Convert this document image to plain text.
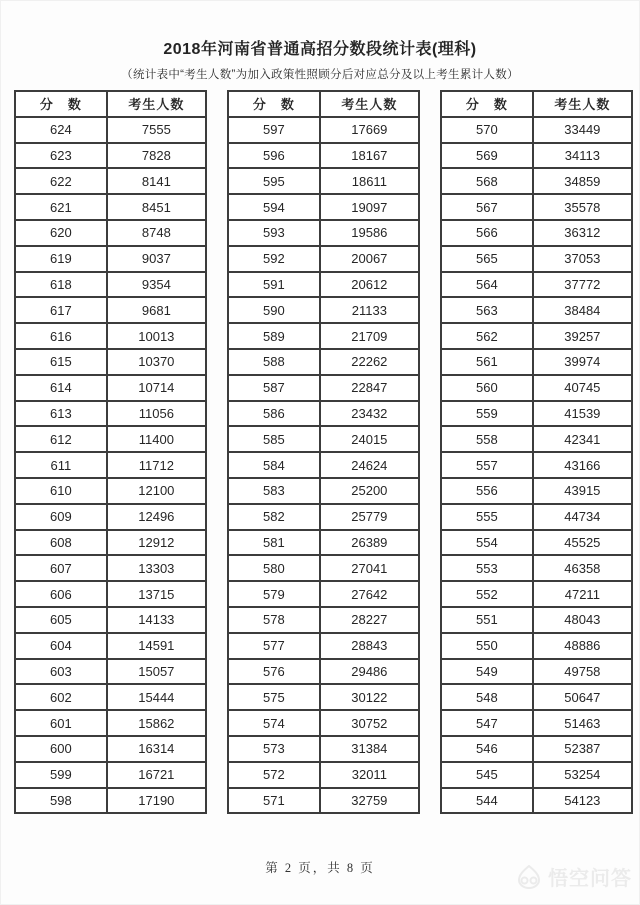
2018年河南省普通高招分数段统计表(理科)
（统计表中“考生人数”为加入政策性照顾分后对应总分及以上考生累计人数）
分　数	考生人数
624	7555
623	7828
622	8141
621	8451
620	8748
619	9037
618	9354
617	9681
616	10013
615	10370
614	10714
613	11056
612	11400
611	11712
610	12100
609	12496
608	12912
607	13303
606	13715
605	14133
604	14591
603	15057
602	15444
601	15862
600	16314
599	16721
598	17190
分　数	考生人数
597	17669
596	18167
595	18611
594	19097
593	19586
592	20067
591	20612
590	21133
589	21709
588	22262
587	22847
586	23432
585	24015
584	24624
583	25200
582	25779
581	26389
580	27041
579	27642
578	28227
577	28843
576	29486
575	30122
574	30752
573	31384
572	32011
571	32759
分　数	考生人数
570	33449
569	34113
568	34859
567	35578
566	36312
565	37053
564	37772
563	38484
562	39257
561	39974
560	40745
559	41539
558	42341
557	43166
556	43915
555	44734
554	45525
553	46358
552	47211
551	48043
550	48886
549	49758
548	50647
547	51463
546	52387
545	53254
544	54123
第 2 页，共 8 页	悟空问答
